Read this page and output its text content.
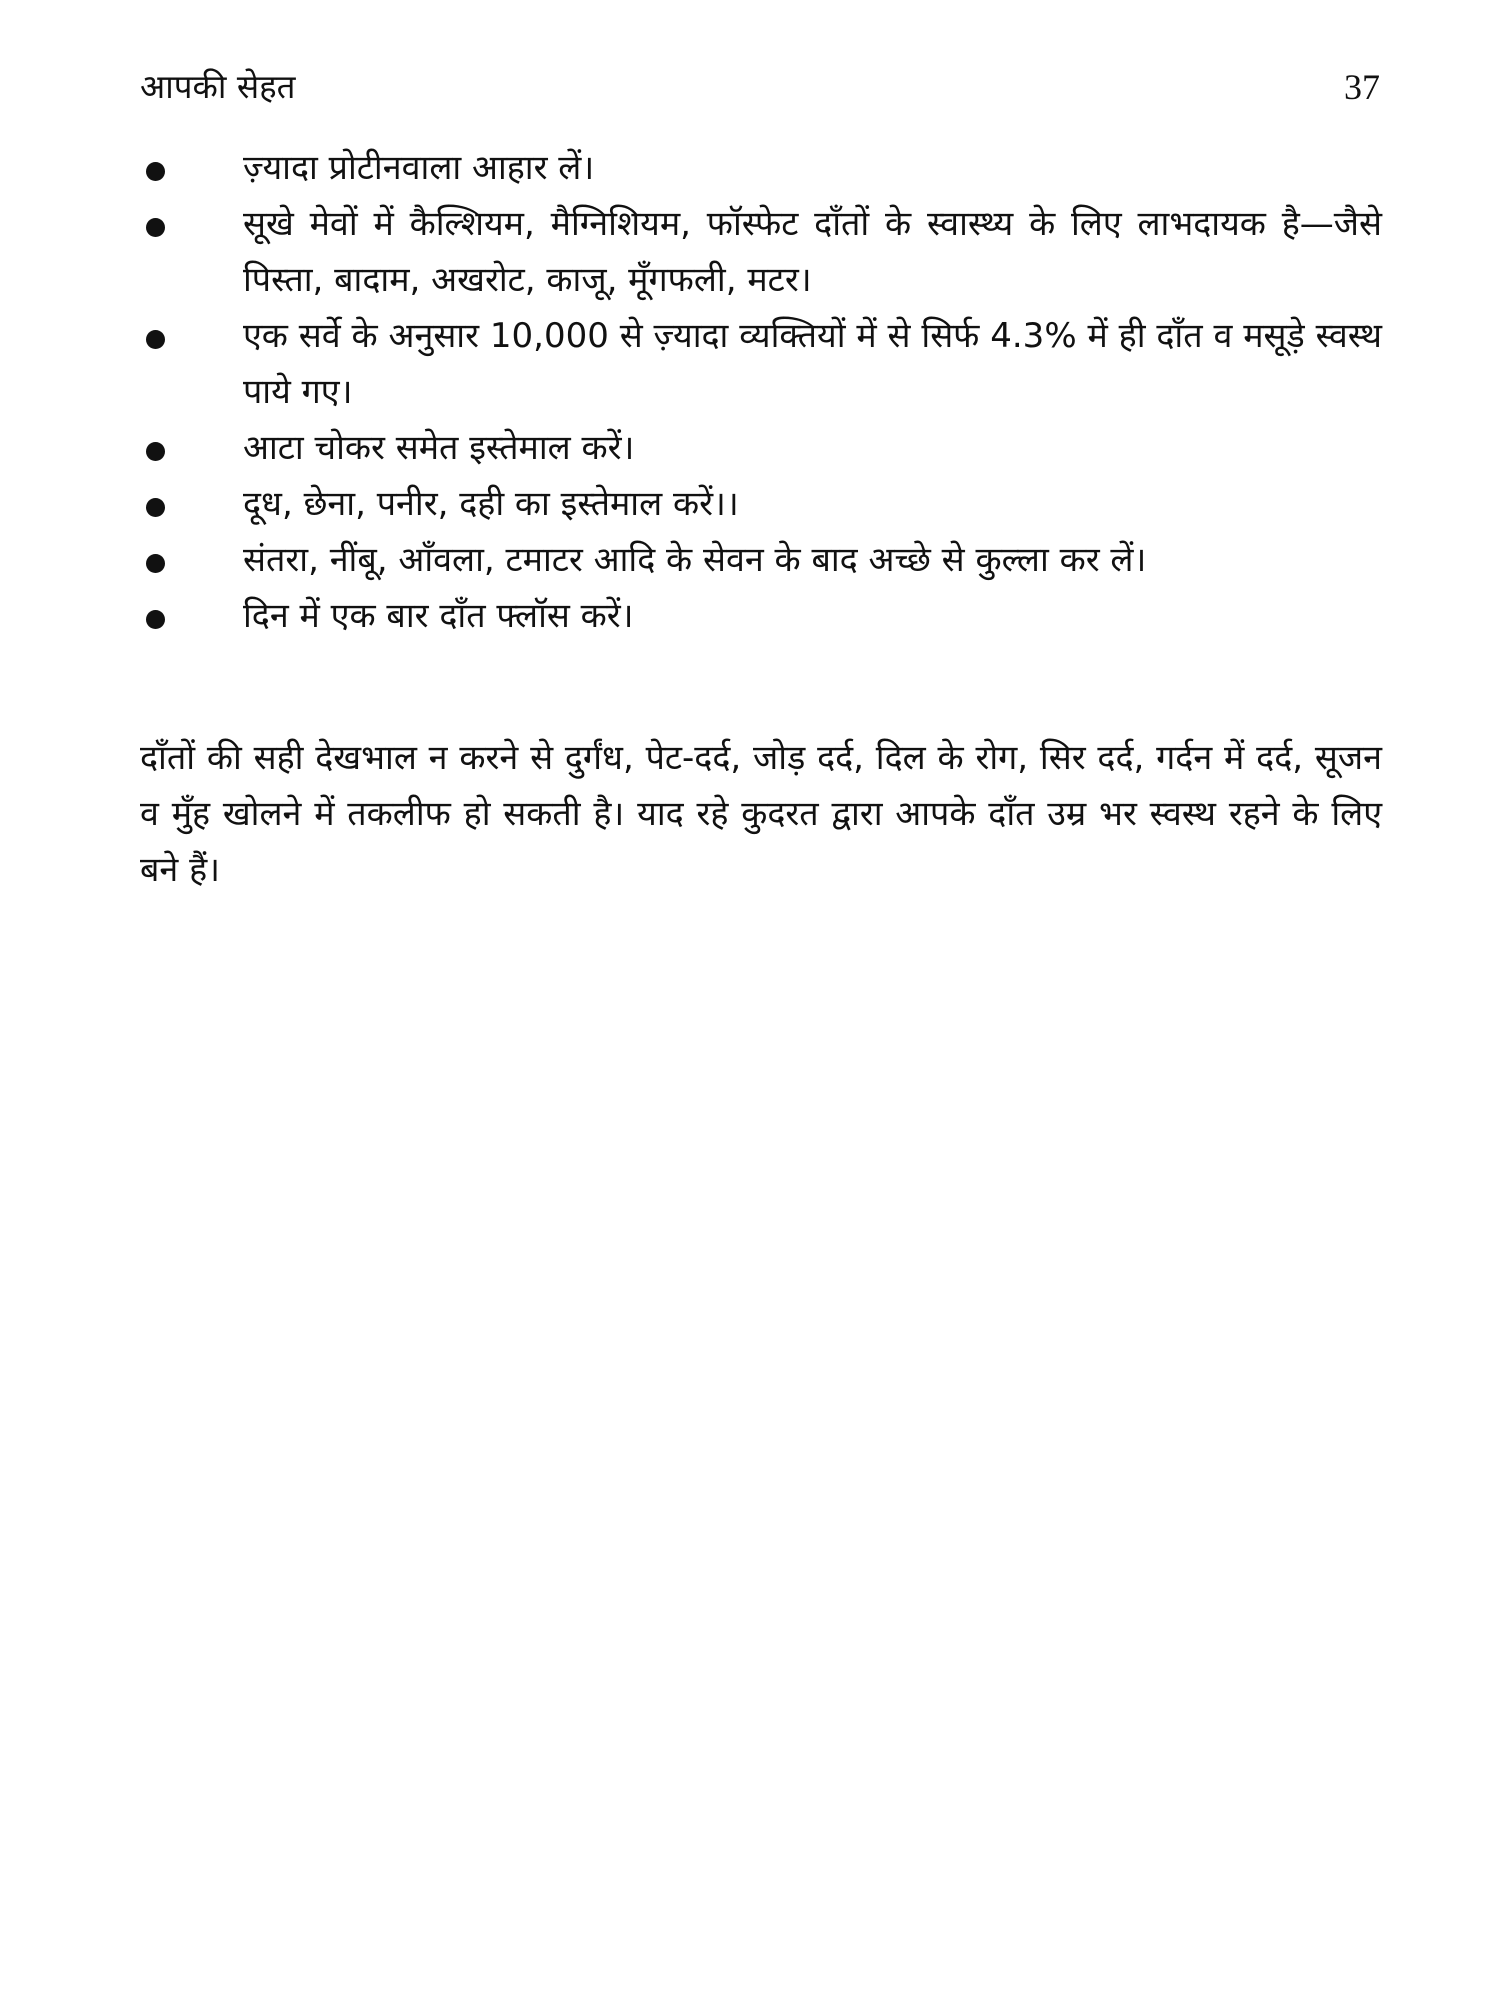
आपकी सेहत	37
ज़्यादा प्रोटीनवाला आहार लें।
सूखे मेवों में कैल्शियम, मैग्निशियम, फॉस्फेट दाँतों के स्वास्थ्य के लिए लाभदायक है—जैसे पिस्ता, बादाम, अखरोट, काजू, मूँगफली, मटर।
एक सर्वे के अनुसार 10,000 से ज़्यादा व्यक्तियों में से सिर्फ 4.3% में ही दाँत व मसूड़े स्वस्थ पाये गए।
आटा चोकर समेत इस्तेमाल करें।
दूध, छेना, पनीर, दही का इस्तेमाल करें।।
संतरा, नींबू, आँवला, टमाटर आदि के सेवन के बाद अच्छे से कुल्ला कर लें।
दिन में एक बार दाँत फ्लॉस करें।

दाँतों की सही देखभाल न करने से दुर्गंध, पेट-दर्द, जोड़ दर्द, दिल के रोग, सिर दर्द, गर्दन में दर्द, सूजन व मुँह खोलने में तकलीफ हो सकती है। याद रहे कुदरत द्वारा आपके दाँत उम्र भर स्वस्थ रहने के लिए बने हैं।
